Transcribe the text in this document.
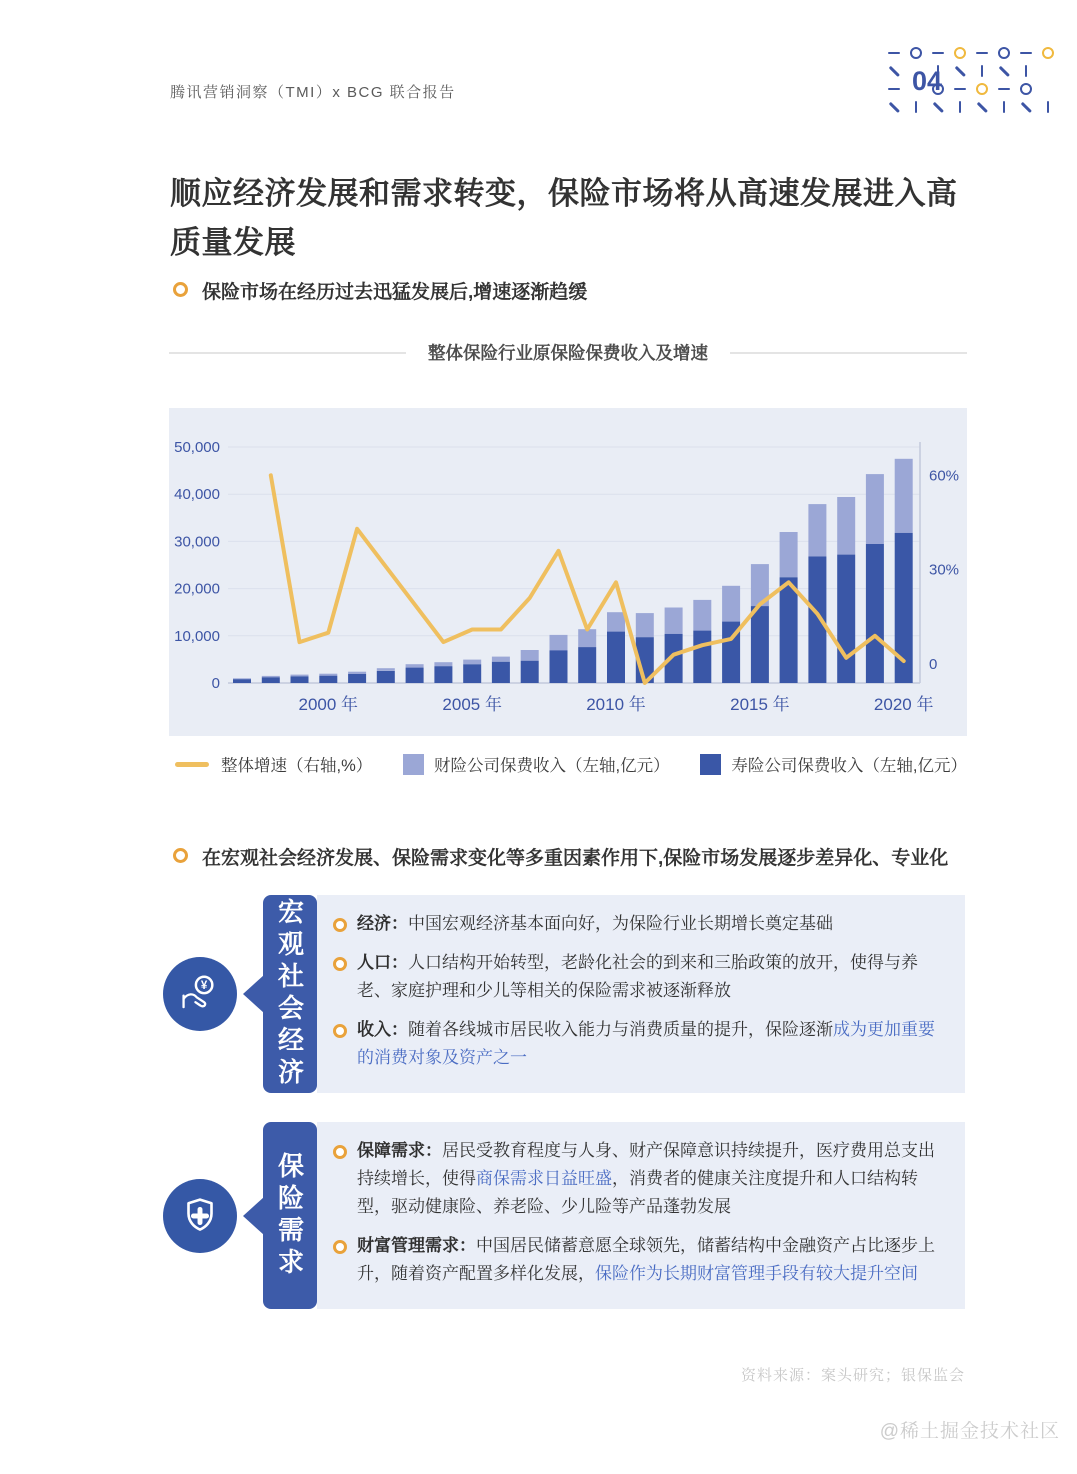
腾讯营销洞察（TMI）x BCG 联合报告	04
顺应经济发展和需求转变，保险市场将从高速发展进入高质量发展

保险市场在经历过去迅猛发展后,增速逐渐趋缓

整体保险行业原保险保费收入及增速
0
10,000
20,000
30,000
40,000
50,000
0
30%
60%
2000 年	2005 年	2010 年	2015 年	2020 年
整体增速（右轴,%）	财险公司保费收入（左轴,亿元）	寿险公司保费收入（左轴,亿元）

在宏观社会经济发展、保险需求变化等多重因素作用下,保险市场发展逐步差异化、专业化

¥	宏观社会经济	经济：中国宏观经济基本面向好，为保险行业长期增长奠定基础

人口：人口结构开始转型，老龄化社会的到来和三胎政策的放开，使得与养老、家庭护理和少儿等相关的保险需求被逐渐释放

收入：随着各线城市居民收入能力与消费质量的提升，保险逐渐成为更加重要的消费对象及资产之一

保险需求

保障需求：居民受教育程度与人身、财产保障意识持续提升，医疗费用总支出持续增长，使得商保需求日益旺盛，消费者的健康关注度提升和人口结构转型，驱动健康险、养老险、少儿险等产品蓬勃发展

财富管理需求：中国居民储蓄意愿全球领先，储蓄结构中金融资产占比逐步上升，随着资产配置多样化发展，保险作为长期财富管理手段有较大提升空间

资料来源：案头研究；银保监会
@稀土掘金技术社区
